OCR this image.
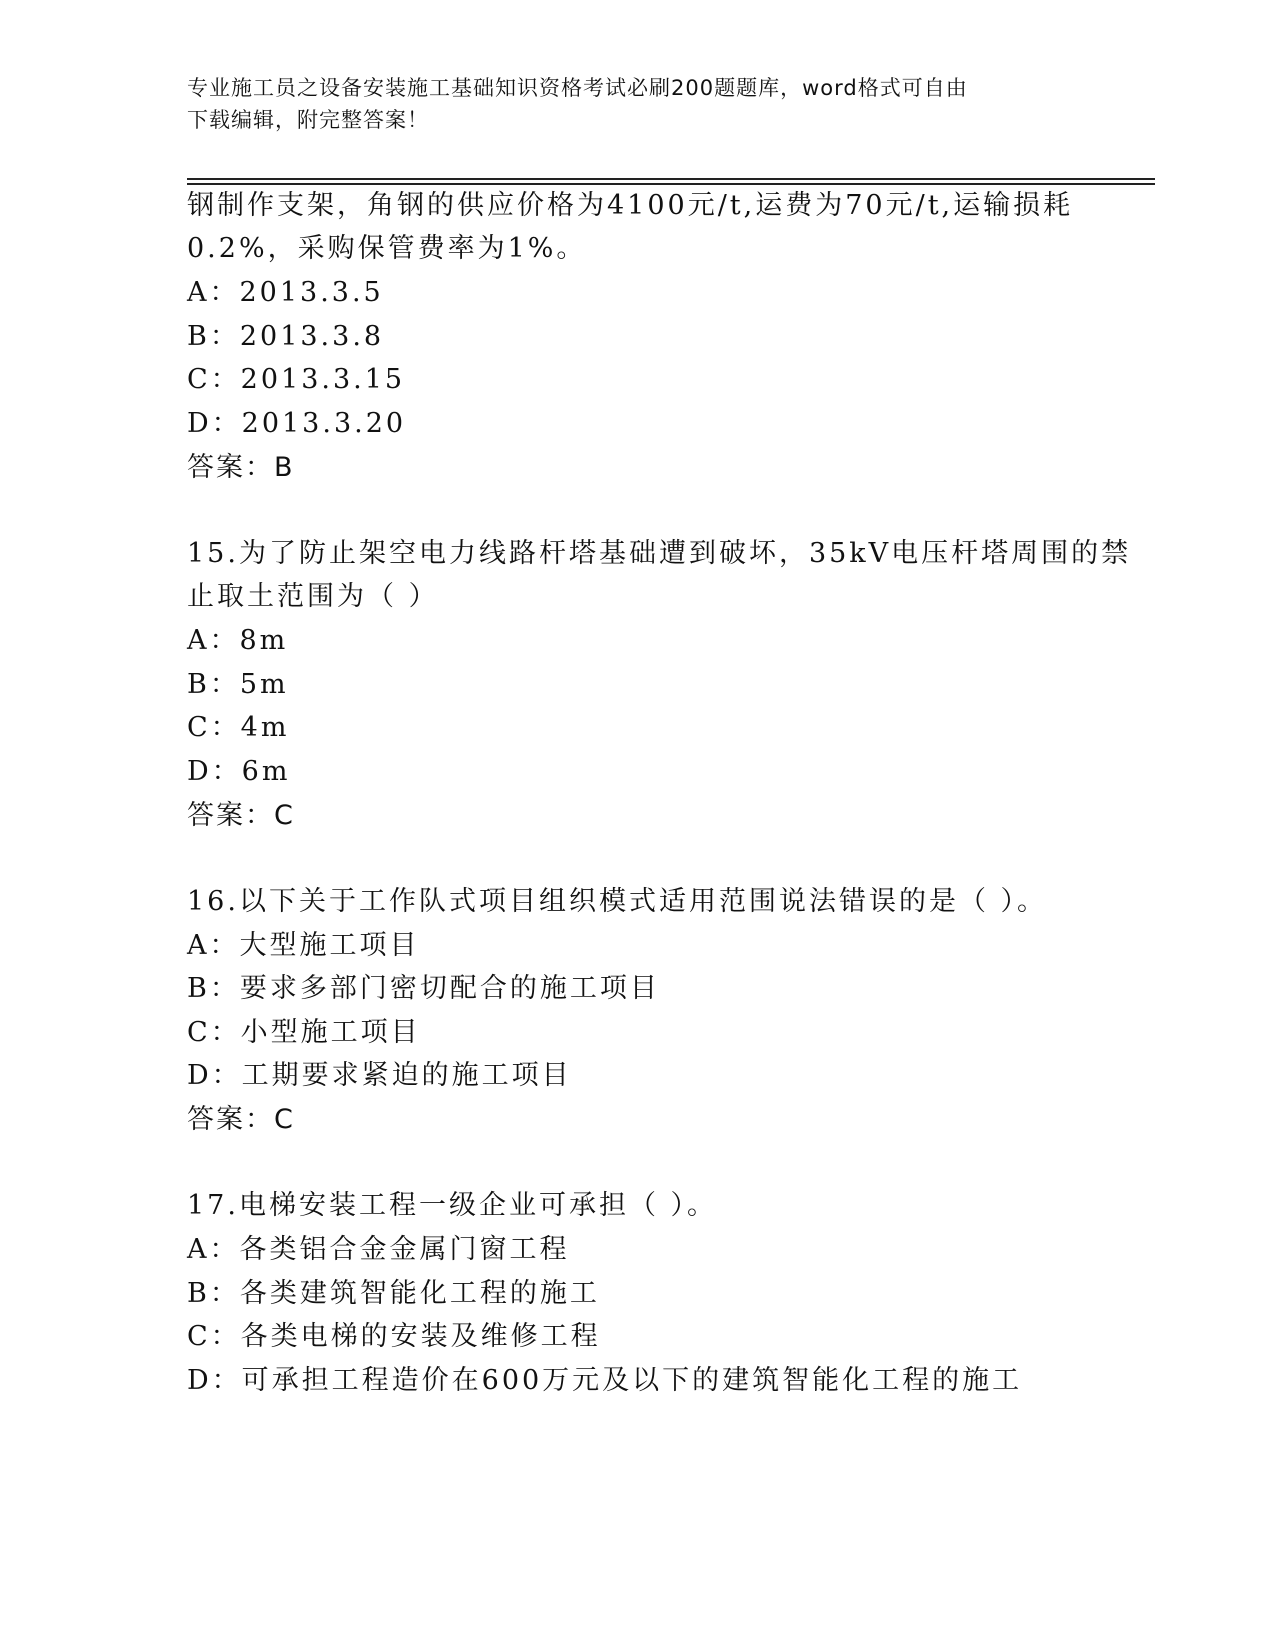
专业施工员之设备安装施工基础知识资格考试必刷200题题库，word格式可自由
下载编辑，附完整答案！
钢制作支架，角钢的供应价格为4100元/t,运费为70元/t,运输损耗
0.2%，采购保管费率为1%。
A：2013.3.5
B：2013.3.8
C：2013.3.15
D：2013.3.20
答案：B
15.为了防止架空电力线路杆塔基础遭到破坏，35kV电压杆塔周围的禁
止取土范围为（ ）
A：8m
B：5m
C：4m
D：6m
答案：C
16.以下关于工作队式项目组织模式适用范围说法错误的是（ ）。
A：大型施工项目
B：要求多部门密切配合的施工项目
C：小型施工项目
D：工期要求紧迫的施工项目
答案：C
17.电梯安装工程一级企业可承担（ ）。
A：各类铝合金金属门窗工程
B：各类建筑智能化工程的施工
C：各类电梯的安装及维修工程
D：可承担工程造价在600万元及以下的建筑智能化工程的施工
